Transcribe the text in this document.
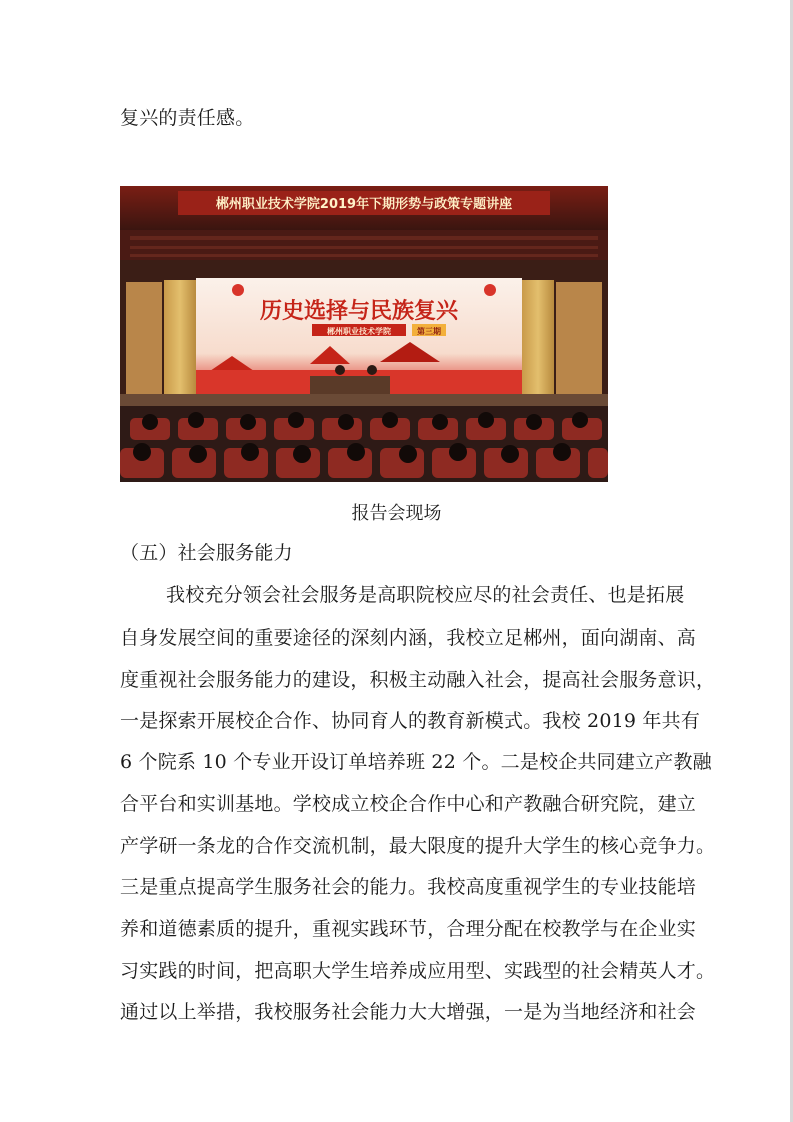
复兴的责任感。
郴州职业技术学院2019年下期形势与政策专题讲座
历史选择与民族复兴
郴州职业技术学院	第三期
报告会现场
（五）社会服务能力
我校充分领会社会服务是高职院校应尽的社会责任、也是拓展
自身发展空间的重要途径的深刻内涵，我校立足郴州，面向湖南、高
度重视社会服务能力的建设，积极主动融入社会，提高社会服务意识，
一是探索开展校企合作、协同育人的教育新模式。我校 2019 年共有
6 个院系 10 个专业开设订单培养班 22 个。二是校企共同建立产教融
合平台和实训基地。学校成立校企合作中心和产教融合研究院，建立
产学研一条龙的合作交流机制，最大限度的提升大学生的核心竞争力。
三是重点提高学生服务社会的能力。我校高度重视学生的专业技能培
养和道德素质的提升，重视实践环节，合理分配在校教学与在企业实
习实践的时间，把高职大学生培养成应用型、实践型的社会精英人才。
通过以上举措，我校服务社会能力大大增强，一是为当地经济和社会
